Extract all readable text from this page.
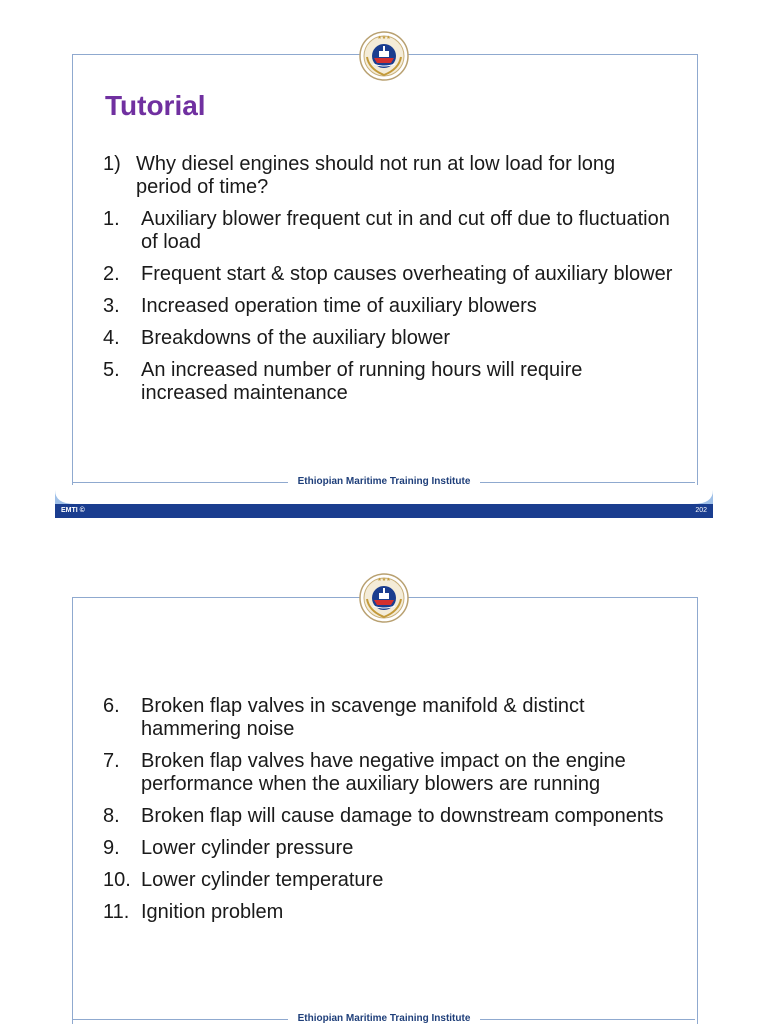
★★★
Tutorial
1) Why diesel engines should not run at low load for long period of time?
1.	Auxiliary blower frequent cut in and cut off due to fluctuation of load
2.	Frequent start & stop causes overheating of auxiliary blower
3.	Increased operation time of auxiliary blowers
4.	Breakdowns of the auxiliary blower
5.	An increased number of running hours will require increased maintenance
Ethiopian Maritime Training Institute
EMTI ©	202
★★★
6.	Broken flap valves in scavenge manifold & distinct hammering noise
7.	Broken flap valves have negative impact on the engine performance when the auxiliary blowers are running
8.	Broken flap will cause damage to downstream components
9.	Lower cylinder pressure
10. Lower cylinder temperature
11. Ignition problem
Ethiopian Maritime Training Institute
